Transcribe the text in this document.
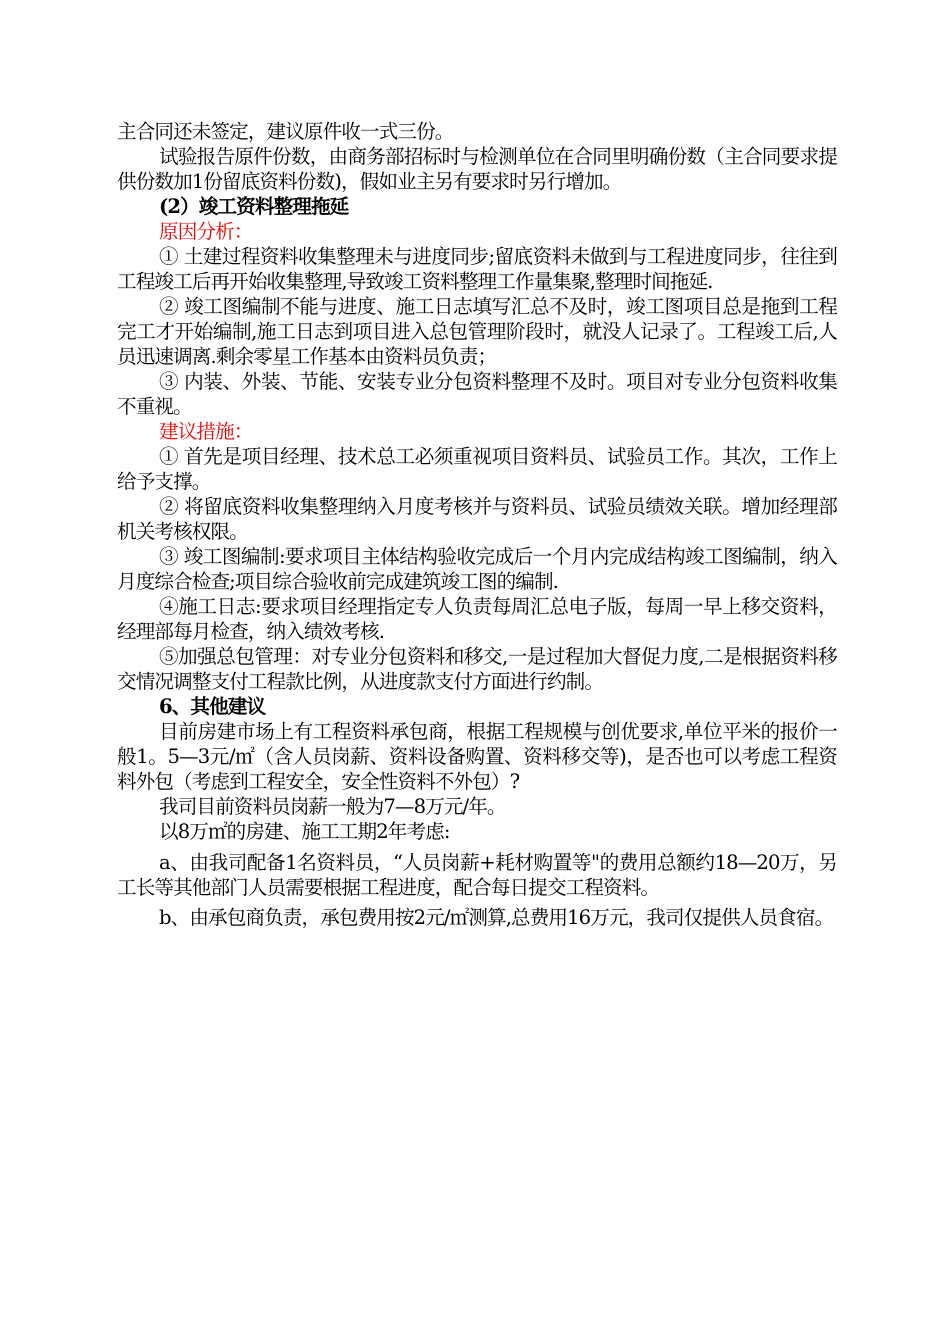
主合同还未签定，建议原件收一式三份。

试验报告原件份数，由商务部招标时与检测单位在合同里明确份数（主合同要求提供份数加1份留底资料份数)，假如业主另有要求时另行增加。

(2）竣工资料整理拖延

原因分析：

① 土建过程资料收集整理未与进度同步;留底资料未做到与工程进度同步，往往到工程竣工后再开始收集整理,导致竣工资料整理工作量集聚,整理时间拖延.

② 竣工图编制不能与进度、施工日志填写汇总不及时，竣工图项目总是拖到工程完工才开始编制,施工日志到项目进入总包管理阶段时，就没人记录了。工程竣工后,人员迅速调离.剩余零星工作基本由资料员负责；

③ 内装、外装、节能、安装专业分包资料整理不及时。项目对专业分包资料收集不重视。

建议措施：

① 首先是项目经理、技术总工必须重视项目资料员、试验员工作。其次，工作上给予支撑。

② 将留底资料收集整理纳入月度考核并与资料员、试验员绩效关联。增加经理部机关考核权限。

③ 竣工图编制:要求项目主体结构验收完成后一个月内完成结构竣工图编制，纳入月度综合检查;项目综合验收前完成建筑竣工图的编制.

④施工日志:要求项目经理指定专人负责每周汇总电子版，每周一早上移交资料，经理部每月检查，纳入绩效考核.

⑤加强总包管理：对专业分包资料和移交,一是过程加大督促力度,二是根据资料移交情况调整支付工程款比例，从进度款支付方面进行约制。

6、其他建议

目前房建市场上有工程资料承包商，根据工程规模与创优要求,单位平米的报价一般1。5—3元/㎡（含人员岗薪、资料设备购置、资料移交等)，是否也可以考虑工程资料外包（考虑到工程安全，安全性资料不外包）?

我司目前资料员岗薪一般为7—8万元/年。

以8万㎡的房建、施工工期2年考虑:

a、由我司配备1名资料员，“人员岗薪+耗材购置等"的费用总额约18—20万，另工长等其他部门人员需要根据工程进度，配合每日提交工程资料。

b、由承包商负责，承包费用按2元/㎡测算,总费用16万元，我司仅提供人员食宿。
